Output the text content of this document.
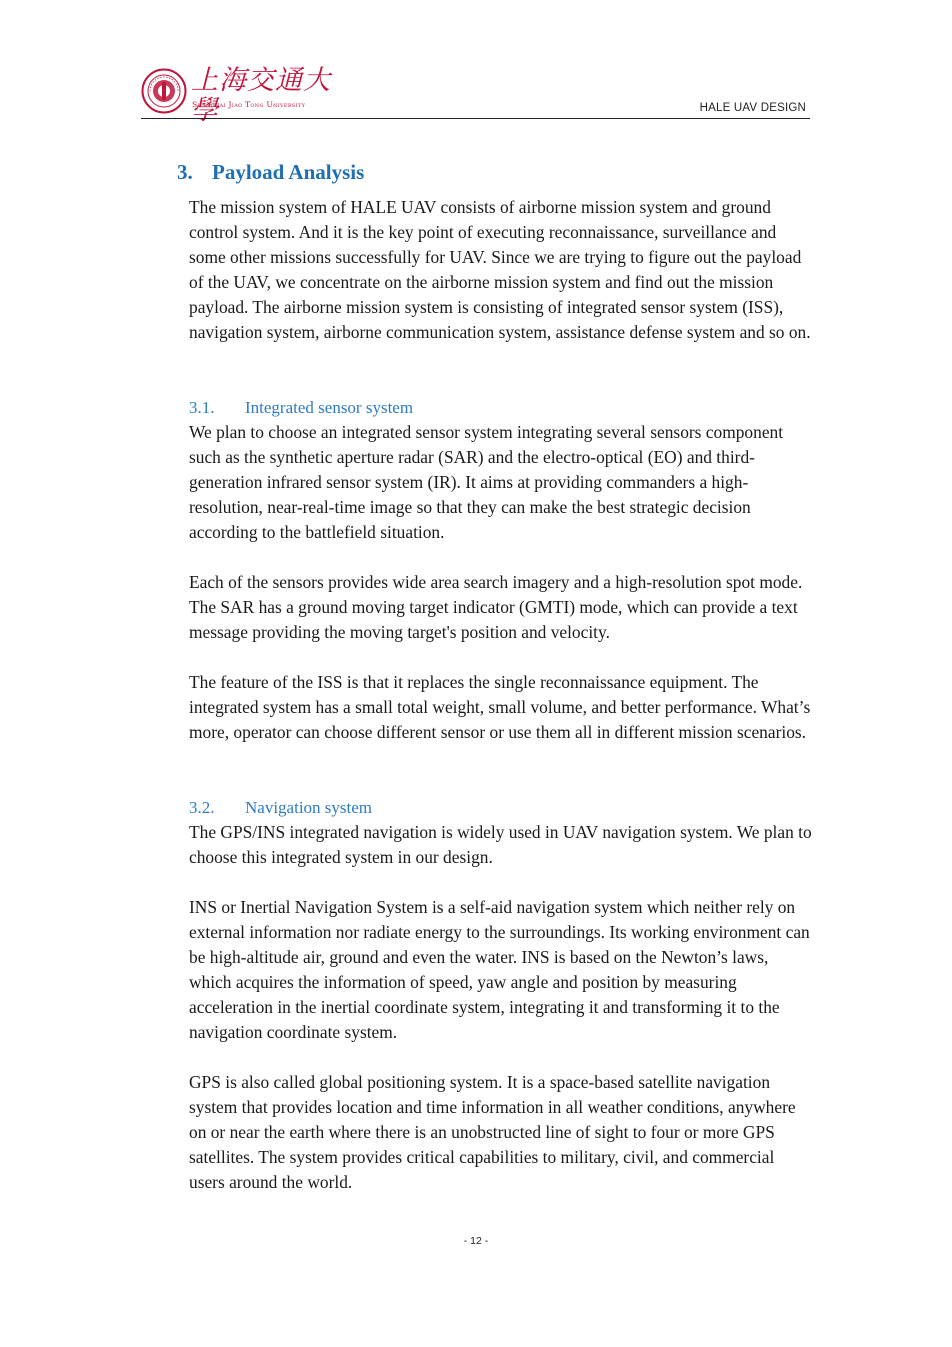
上海交通大學
Shanghai Jiao Tong University	HALE UAV DESIGN
3. Payload Analysis

The mission system of HALE UAV consists of airborne mission system and ground control system. And it is the key point of executing reconnaissance, surveillance and some other missions successfully for UAV. Since we are trying to figure out the payload of the UAV, we concentrate on the airborne mission system and find out the mission payload. The airborne mission system is consisting of integrated sensor system (ISS), navigation system, airborne communication system, assistance defense system and so on.

3.1. Integrated sensor system

We plan to choose an integrated sensor system integrating several sensors component such as the synthetic aperture radar (SAR) and the electro-optical (EO) and third-generation infrared sensor system (IR). It aims at providing commanders a high-resolution, near-real-time image so that they can make the best strategic decision according to the battlefield situation.

Each of the sensors provides wide area search imagery and a high-resolution spot mode. The SAR has a ground moving target indicator (GMTI) mode, which can provide a text message providing the moving target's position and velocity.

The feature of the ISS is that it replaces the single reconnaissance equipment. The integrated system has a small total weight, small volume, and better performance. What’s more, operator can choose different sensor or use them all in different mission scenarios.

3.2. Navigation system

The GPS/INS integrated navigation is widely used in UAV navigation system. We plan to choose this integrated system in our design.

INS or Inertial Navigation System is a self-aid navigation system which neither rely on external information nor radiate energy to the surroundings. Its working environment can be high-altitude air, ground and even the water. INS is based on the Newton’s laws, which acquires the information of speed, yaw angle and position by measuring acceleration in the inertial coordinate system, integrating it and transforming it to the navigation coordinate system.

GPS is also called global positioning system. It is a space-based satellite navigation system that provides location and time information in all weather conditions, anywhere on or near the earth where there is an unobstructed line of sight to four or more GPS satellites. The system provides critical capabilities to military, civil, and commercial users around the world.

- 12 -
